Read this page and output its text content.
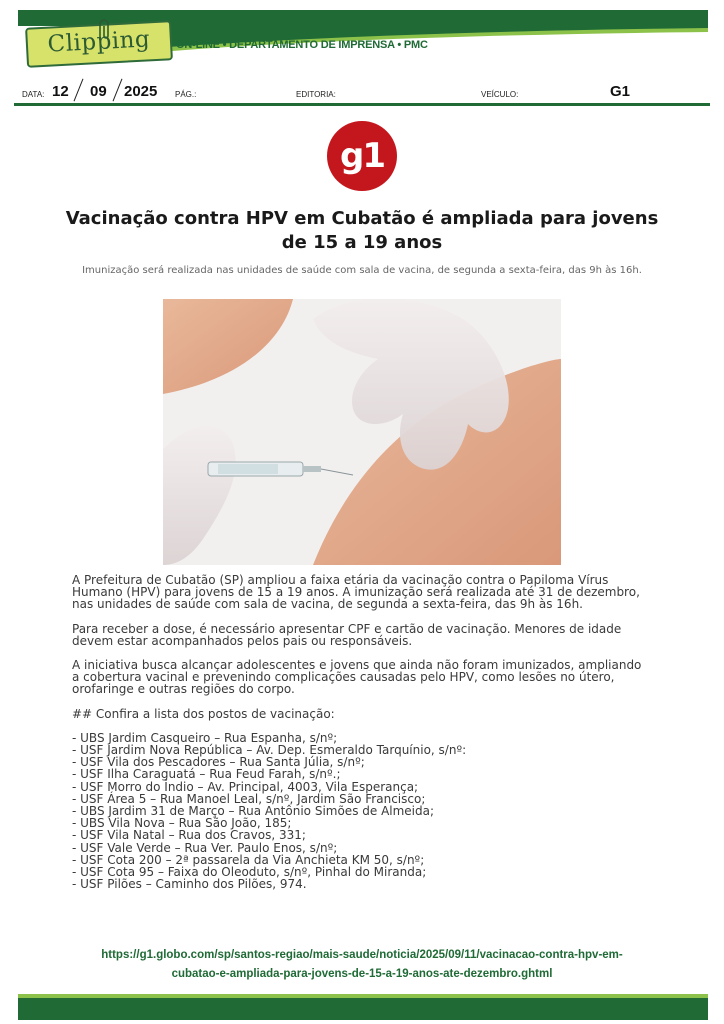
Clipping	ON-LINE • DEPARTAMENTO DE IMPRENSA • PMC
DATA: 12 09 2025 PÁG.:	EDITORIA:	VEÍCULO:	G1
g1
Vacinação contra HPV em Cubatão é ampliada para jovens de 15 a 19 anos
Imunização será realizada nas unidades de saúde com sala de vacina, de segunda a sexta-feira, das 9h às 16h.

A Prefeitura de Cubatão (SP) ampliou a faixa etária da vacinação contra o Papiloma Vírus Humano (HPV) para jovens de 15 a 19 anos. A imunização será realizada até 31 de dezembro, nas unidades de saúde com sala de vacina, de segunda a sexta-feira, das 9h às 16h.

Para receber a dose, é necessário apresentar CPF e cartão de vacinação. Menores de idade devem estar acompanhados pelos pais ou responsáveis.

A iniciativa busca alcançar adolescentes e jovens que ainda não foram imunizados, ampliando a cobertura vacinal e prevenindo complicações causadas pelo HPV, como lesões no útero, orofaringe e outras regiões do corpo.

## Confira a lista dos postos de vacinação:

- UBS Jardim Casqueiro – Rua Espanha, s/nº;
- USF Jardim Nova República – Av. Dep. Esmeraldo Tarquínio, s/nº:
- USF Vila dos Pescadores – Rua Santa Júlia, s/nº;
- USF Ilha Caraguatá – Rua Feud Farah, s/nº.;
- USF Morro do Índio – Av. Principal, 4003, Vila Esperança;
- USF Área 5 – Rua Manoel Leal, s/nº, Jardim São Francisco;
- UBS Jardim 31 de Março – Rua Antônio Simões de Almeida;
- UBS Vila Nova – Rua São João, 185;
- USF Vila Natal – Rua dos Cravos, 331;
- USF Vale Verde – Rua Ver. Paulo Enos, s/nº;
- USF Cota 200 – 2ª passarela da Via Anchieta KM 50, s/nº;
- USF Cota 95 – Faixa do Oleoduto, s/nº, Pinhal do Miranda;
- USF Pilões – Caminho dos Pilões, 974.
https://g1.globo.com/sp/santos-regiao/mais-saude/noticia/2025/09/11/vacinacao-contra-hpv-em-
cubatao-e-ampliada-para-jovens-de-15-a-19-anos-ate-dezembro.ghtml
